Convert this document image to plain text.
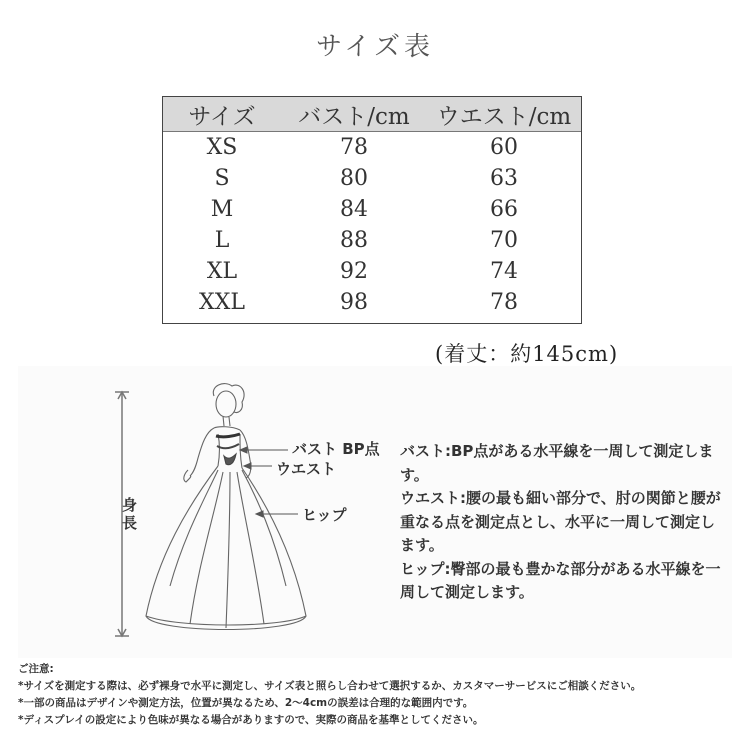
サイズ表
サイズ	バスト/cm	ウエスト/cm
XS	78	60
S	80	63
M	84	66
L	88	70
XL	92	74
XXL	98	78
(着丈：約145cm)
バスト BP点
ウエスト
ヒップ
身長

バスト:BP点がある水平線を一周して測定します。

ウエスト:腰の最も細い部分で、肘の関節と腰が重なる点を測定点とし、水平に一周して測定します。

ヒップ:臀部の最も豊かな部分がある水平線を一周して測定します。

ご注意:
*サイズを測定する際は、必ず裸身で水平に測定し、サイズ表と照らし合わせて選択するか、カスタマーサービスにご相談ください。
*一部の商品はデザインや測定方法，位置が異なるため、2～4cmの誤差は合理的な範囲内です。
*ディスプレイの設定により色味が異なる場合がありますので、実際の商品を基準としてください。
